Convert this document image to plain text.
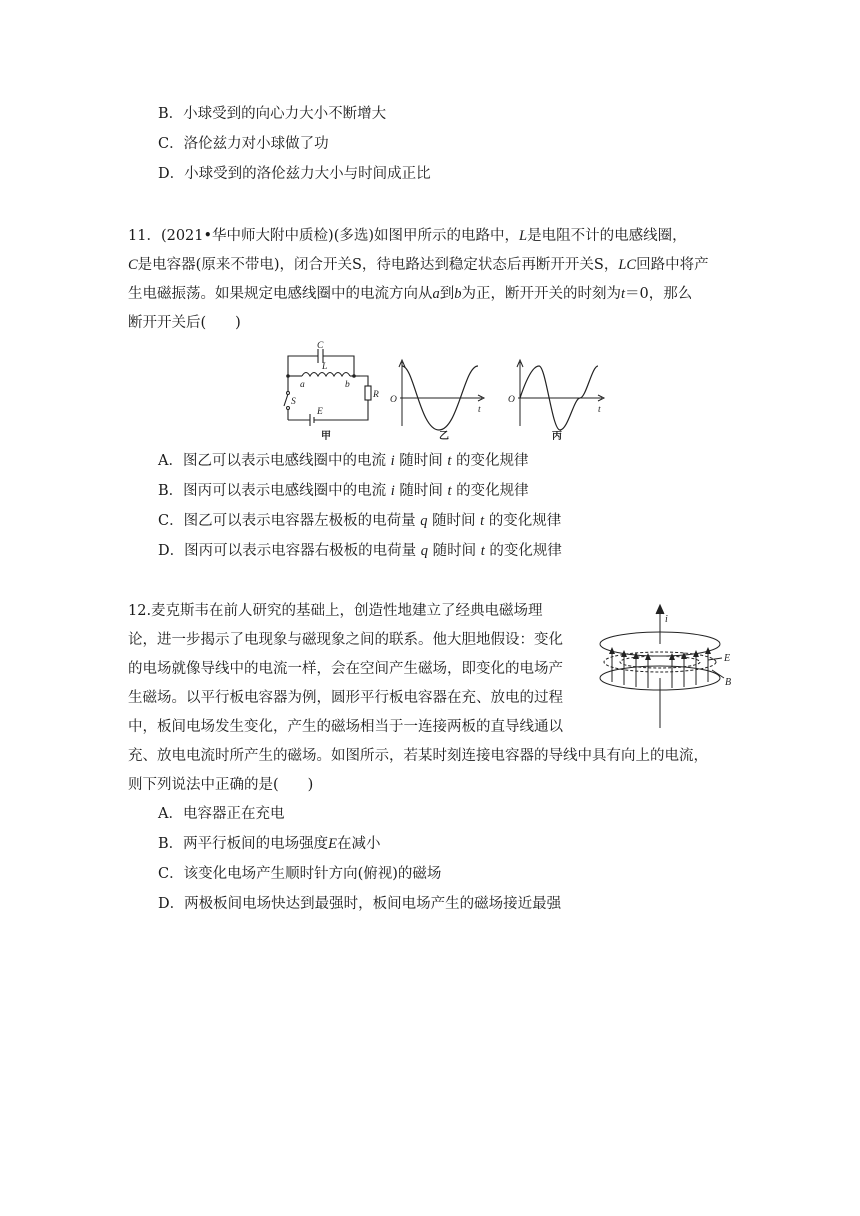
B．小球受到的向心力大小不断增大
C．洛伦兹力对小球做了功
D．小球受到的洛伦兹力大小与时间成正比
11．(2021•华中师大附中质检)(多选)如图甲所示的电路中，L是电阻不计的电感线圈，
C是电容器(原来不带电)，闭合开关S，待电路达到稳定状态后再断开开关S，LC回路中将产
生电磁振荡。如果规定电感线圈中的电流方向从a到b为正，断开开关的时刻为t＝0，那么
断开开关后(　　)
C
L
a	b
S
E
R
甲
O
t
乙
O
t
丙
A．图乙可以表示电感线圈中的电流 i 随时间 t 的变化规律
B．图丙可以表示电感线圈中的电流 i 随时间 t 的变化规律
C．图乙可以表示电容器左极板的电荷量 q 随时间 t 的变化规律
D．图丙可以表示电容器右极板的电荷量 q 随时间 t 的变化规律
12.麦克斯韦在前人研究的基础上，创造性地建立了经典电磁场理
论，进一步揭示了电现象与磁现象之间的联系。他大胆地假设：变化
的电场就像导线中的电流一样，会在空间产生磁场，即变化的电场产
生磁场。以平行板电容器为例，圆形平行板电容器在充、放电的过程
中，板间电场发生变化，产生的磁场相当于一连接两板的直导线通以
充、放电电流时所产生的磁场。如图所示，若某时刻连接电容器的导线中具有向上的电流，
则下列说法中正确的是(　　)
i
E
B
A．电容器正在充电
B．两平行板间的电场强度E在减小
C．该变化电场产生顺时针方向(俯视)的磁场
D．两极板间电场快达到最强时，板间电场产生的磁场接近最强
